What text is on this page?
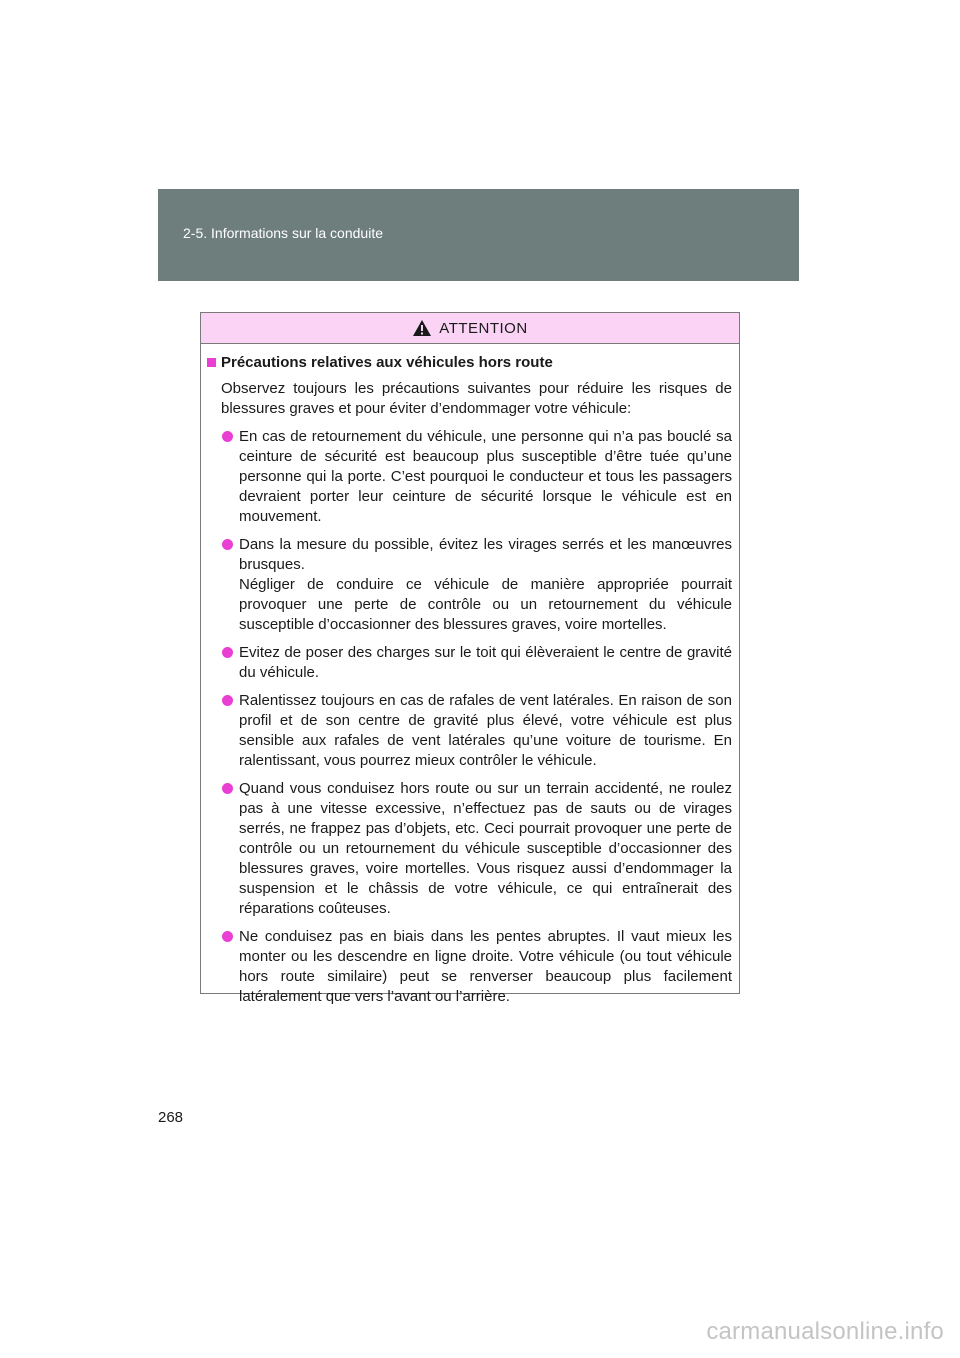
2-5. Informations sur la conduite
ATTENTION
Précautions relatives aux véhicules hors route
Observez toujours les précautions suivantes pour réduire les risques de blessures graves et pour éviter d’endommager votre véhicule:
En cas de retournement du véhicule, une personne qui n’a pas bouclé sa ceinture de sécurité est beaucoup plus susceptible d’être tuée qu’une personne qui la porte. C’est pourquoi le conducteur et tous les passagers devraient porter leur ceinture de sécurité lorsque le véhicule est en mouvement.
Dans la mesure du possible, évitez les virages serrés et les manœuvres brusques.
Négliger de conduire ce véhicule de manière appropriée pourrait provoquer une perte de contrôle ou un retournement du véhicule susceptible d’occasionner des blessures graves, voire mortelles.
Evitez de poser des charges sur le toit qui élèveraient le centre de gravité du véhicule.
Ralentissez toujours en cas de rafales de vent latérales. En raison de son profil et de son centre de gravité plus élevé, votre véhicule est plus sensible aux rafales de vent latérales qu’une voiture de tourisme. En ralentissant, vous pourrez mieux contrôler le véhicule.
Quand vous conduisez hors route ou sur un terrain accidenté, ne roulez pas à une vitesse excessive, n’effectuez pas de sauts ou de virages serrés, ne frappez pas d’objets, etc. Ceci pourrait provoquer une perte de contrôle ou un retournement du véhicule susceptible d’occasionner des blessures graves, voire mortelles. Vous risquez aussi d’endommager la suspension et le châssis de votre véhicule, ce qui entraînerait des réparations coûteuses.
Ne conduisez pas en biais dans les pentes abruptes. Il vaut mieux les monter ou les descendre en ligne droite. Votre véhicule (ou tout véhicule hors route similaire) peut se renverser beaucoup plus facilement latéralement que vers l’avant ou l’arrière.
268
carmanualsonline.info
